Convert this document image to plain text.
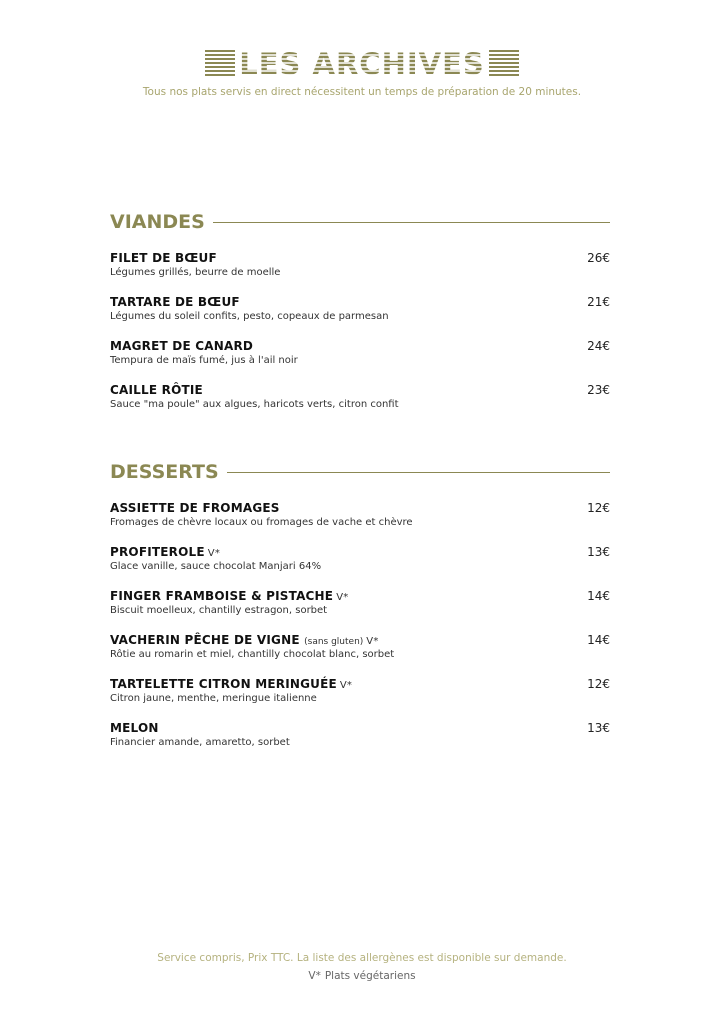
LES ARCHIVES
Tous nos plats servis en direct nécessitent un temps de préparation de 20 minutes.
VIANDES
FILET DE BŒUF	26€
Légumes grillés, beurre de moelle
TARTARE DE BŒUF	21€
Légumes du soleil confits, pesto, copeaux de parmesan
MAGRET DE CANARD	24€
Tempura de maïs fumé, jus à l'ail noir
CAILLE RÔTIE	23€
Sauce "ma poule" aux algues, haricots verts, citron confit
DESSERTS
ASSIETTE DE FROMAGES	12€
Fromages de chèvre locaux ou fromages de vache et chèvre
PROFITEROLE V*	13€
Glace vanille, sauce chocolat Manjari 64%
FINGER FRAMBOISE & PISTACHE V*	14€
Biscuit moelleux, chantilly estragon, sorbet
VACHERIN PÊCHE DE VIGNE (sans gluten) V*	14€
Rôtie au romarin et miel, chantilly chocolat blanc, sorbet
TARTELETTE CITRON MERINGUÉE V*	12€
Citron jaune, menthe, meringue italienne
MELON	13€
Financier amande, amaretto, sorbet
Service compris, Prix TTC. La liste des allergènes est disponible sur demande.
V* Plats végétariens
